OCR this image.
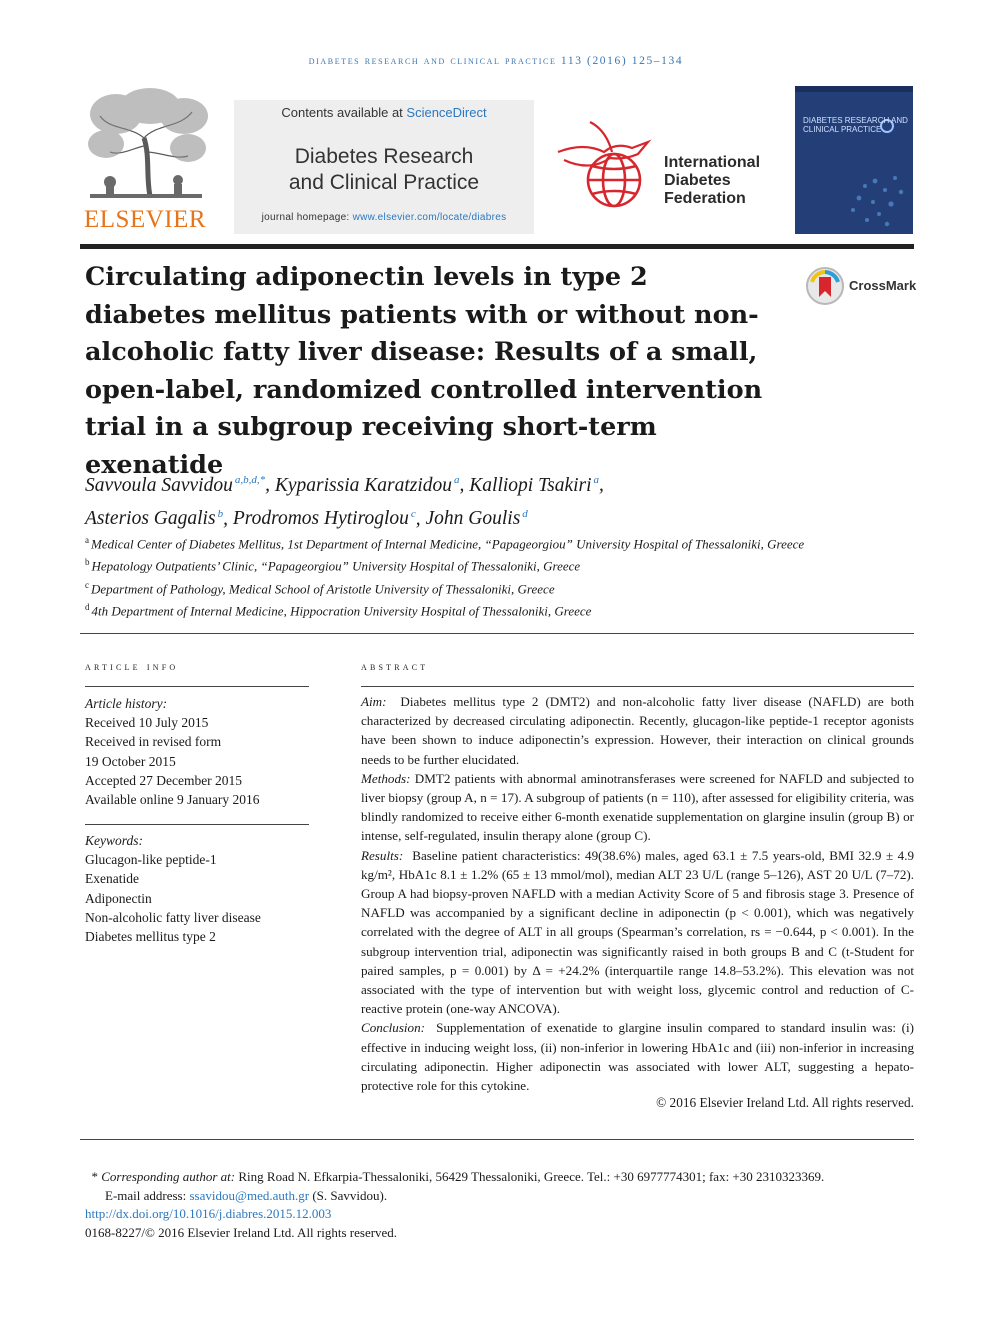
diabetes research and clinical practice 113 (2016) 125–134
ELSEVIER
Contents available at ScienceDirect
Diabetes Research
and Clinical Practice
journal homepage: www.elsevier.com/locate/diabres
International
Diabetes
Federation
DIABETES RESEARCH AND CLINICAL PRACTICE
Circulating adiponectin levels in type 2 diabetes mellitus patients with or without non-alcoholic fatty liver disease: Results of a small, open-label, randomized controlled intervention trial in a subgroup receiving short-term exenatide
CrossMark
Savvoula Savvidou $^{a,b,d,*}$, Kyparissia Karatzidou $^a$, Kalliopi Tsakiri $^a$,
Asterios Gagalis $^b$, Prodromos Hytiroglou $^c$, John Goulis $^d$
$^a$ Medical Center of Diabetes Mellitus, 1st Department of Internal Medicine, “Papageorgiou” University Hospital of Thessaloniki, Greece
$^b$ Hepatology Outpatients’ Clinic, “Papageorgiou” University Hospital of Thessaloniki, Greece
$^c$ Department of Pathology, Medical School of Aristotle University of Thessaloniki, Greece
$^d$ 4th Department of Internal Medicine, Hippocration University Hospital of Thessaloniki, Greece
article info
Article history:
Received 10 July 2015
Received in revised form
19 October 2015
Accepted 27 December 2015
Available online 9 January 2016
Keywords:
Glucagon-like peptide-1
Exenatide
Adiponectin
Non-alcoholic fatty liver disease
Diabetes mellitus type 2
abstract

Aim: Diabetes mellitus type 2 (DMT2) and non-alcoholic fatty liver disease (NAFLD) are both characterized by decreased circulating adiponectin. Recently, glucagon-like peptide-1 receptor agonists have been shown to induce adiponectin’s expression. However, their interaction on clinical grounds needs to be further elucidated.
Methods: DMT2 patients with abnormal aminotransferases were screened for NAFLD and subjected to liver biopsy (group A, n = 17). A subgroup of patients (n = 110), after assessed for eligibility criteria, was blindly randomized to receive either 6-month exenatide supplementation on glargine insulin (group B) or intense, self-regulated, insulin therapy alone (group C).
Results: Baseline patient characteristics: 49(38.6%) males, aged 63.1 ± 7.5 years-old, BMI 32.9 ± 4.9 kg/m², HbA1c 8.1 ± 1.2% (65 ± 13 mmol/mol), median ALT 23 U/L (range 5–126), AST 20 U/L (7–72). Group A had biopsy-proven NAFLD with a median Activity Score of 5 and fibrosis stage 3. Presence of NAFLD was accompanied by a significant decline in adiponectin (p < 0.001), which was negatively correlated with the degree of ALT in all groups (Spearman’s correlation, rs = −0.644, p < 0.001). In the subgroup intervention trial, adiponectin was significantly raised in both groups B and C (t-Student for paired samples, p = 0.001) by Δ = +24.2% (interquartile range 14.8–53.2%). This elevation was not associated with the type of intervention but with weight loss, glycemic control and reduction of C-reactive protein (one-way ANCOVA).
Conclusion: Supplementation of exenatide to glargine insulin compared to standard insulin was: (i) effective in inducing weight loss, (ii) non-inferior in lowering HbA1c and (iii) non-inferior in increasing circulating adiponectin. Higher adiponectin was associated with lower ALT, suggesting a hepato-protective role for this cytokine.

© 2016 Elsevier Ireland Ltd. All rights reserved.
* Corresponding author at: Ring Road N. Efkarpia-Thessaloniki, 56429 Thessaloniki, Greece. Tel.: +30 6977774301; fax: +30 2310323369.
E-mail address: ssavidou@med.auth.gr (S. Savvidou).
http://dx.doi.org/10.1016/j.diabres.2015.12.003
0168-8227/© 2016 Elsevier Ireland Ltd. All rights reserved.
